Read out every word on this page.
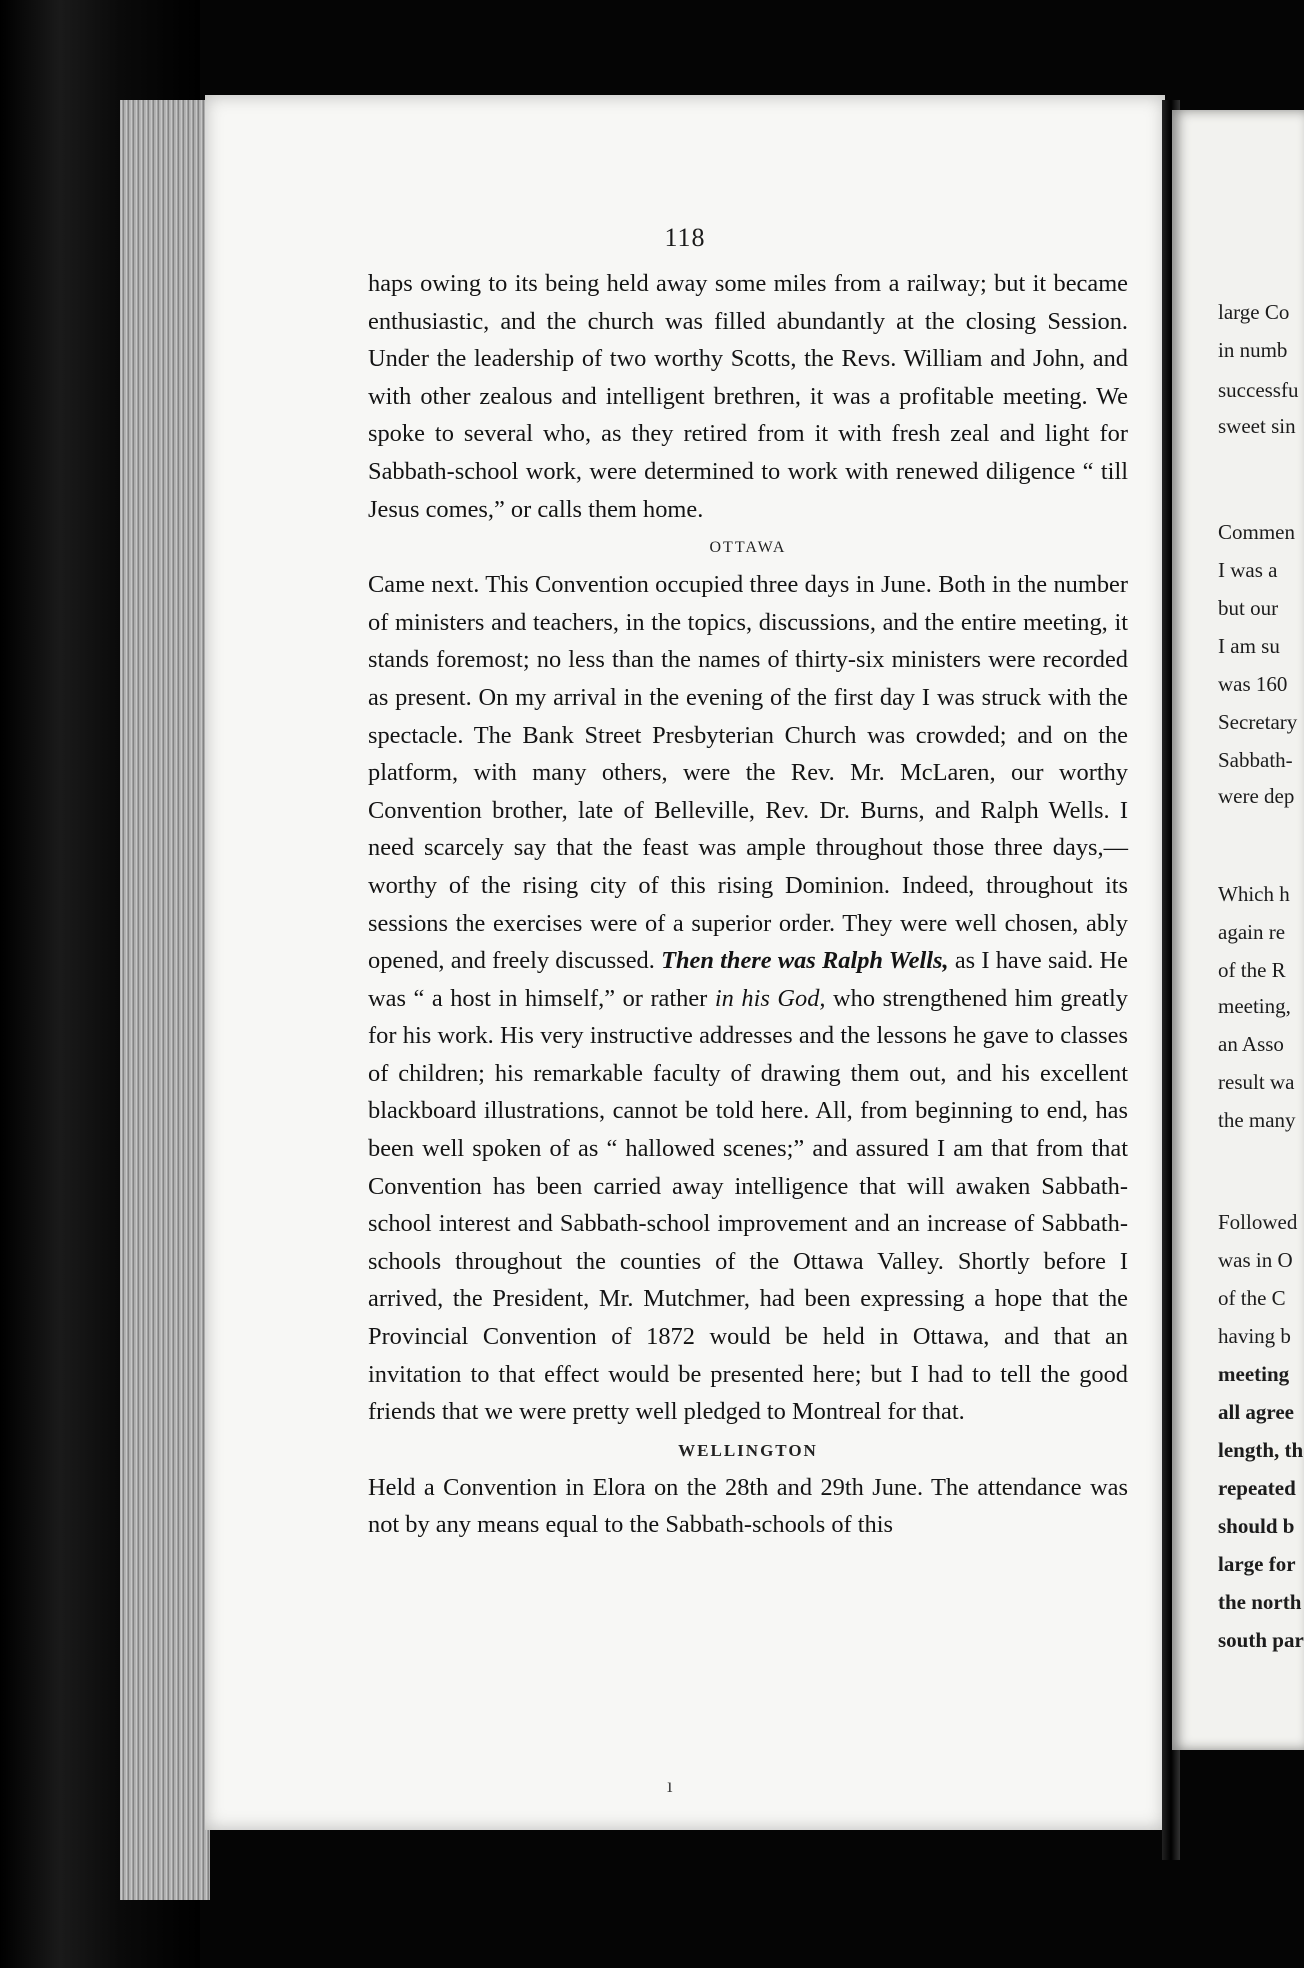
118

haps owing to its being held away some miles from a railway; but it became enthusiastic, and the church was filled abundantly at the closing Session. Under the leadership of two worthy Scotts, the Revs. William and John, and with other zealous and intelligent brethren, it was a profitable meeting. We spoke to several who, as they retired from it with fresh zeal and light for Sabbath-school work, were determined to work with renewed diligence “ till Jesus comes,” or calls them home.

OTTAWA

Came next. This Convention occupied three days in June. Both in the number of ministers and teachers, in the topics, discussions, and the entire meeting, it stands foremost; no less than the names of thirty-six ministers were recorded as present. On my arrival in the evening of the first day I was struck with the spectacle. The Bank Street Presbyterian Church was crowded; and on the platform, with many others, were the Rev. Mr. McLaren, our worthy Convention brother, late of Belleville, Rev. Dr. Burns, and Ralph Wells. I need scarcely say that the feast was ample throughout those three days,—worthy of the rising city of this rising Dominion. Indeed, throughout its sessions the exercises were of a superior order. They were well chosen, ably opened, and freely discussed. Then there was Ralph Wells, as I have said. He was “ a host in himself,” or rather in his God, who strengthened him greatly for his work. His very instructive addresses and the lessons he gave to classes of children; his remarkable faculty of drawing them out, and his excellent blackboard illustrations, cannot be told here. All, from beginning to end, has been well spoken of as “ hallowed scenes;” and assured I am that from that Convention has been carried away intelligence that will awaken Sabbath-school interest and Sabbath-school improvement and an increase of Sabbath-schools throughout the counties of the Ottawa Valley. Shortly before I arrived, the President, Mr. Mutchmer, had been expressing a hope that the Provincial Convention of 1872 would be held in Ottawa, and that an invitation to that effect would be presented here; but I had to tell the good friends that we were pretty well pledged to Montreal for that.

WELLINGTON

Held a Convention in Elora on the 28th and 29th June. The attendance was not by any means equal to the Sabbath-schools of this

ı
large Co
in numb
successfu
sweet sin
Commen
I was a
but our
I am su
was 160
Secretary
Sabbath-
were dep
Which h
again re
of the R
meeting,
an Asso
result wa
the many
Followed
was in O
of the C
having b
meeting
all agree
length, th
repeated
should b
large for
the north
south par
